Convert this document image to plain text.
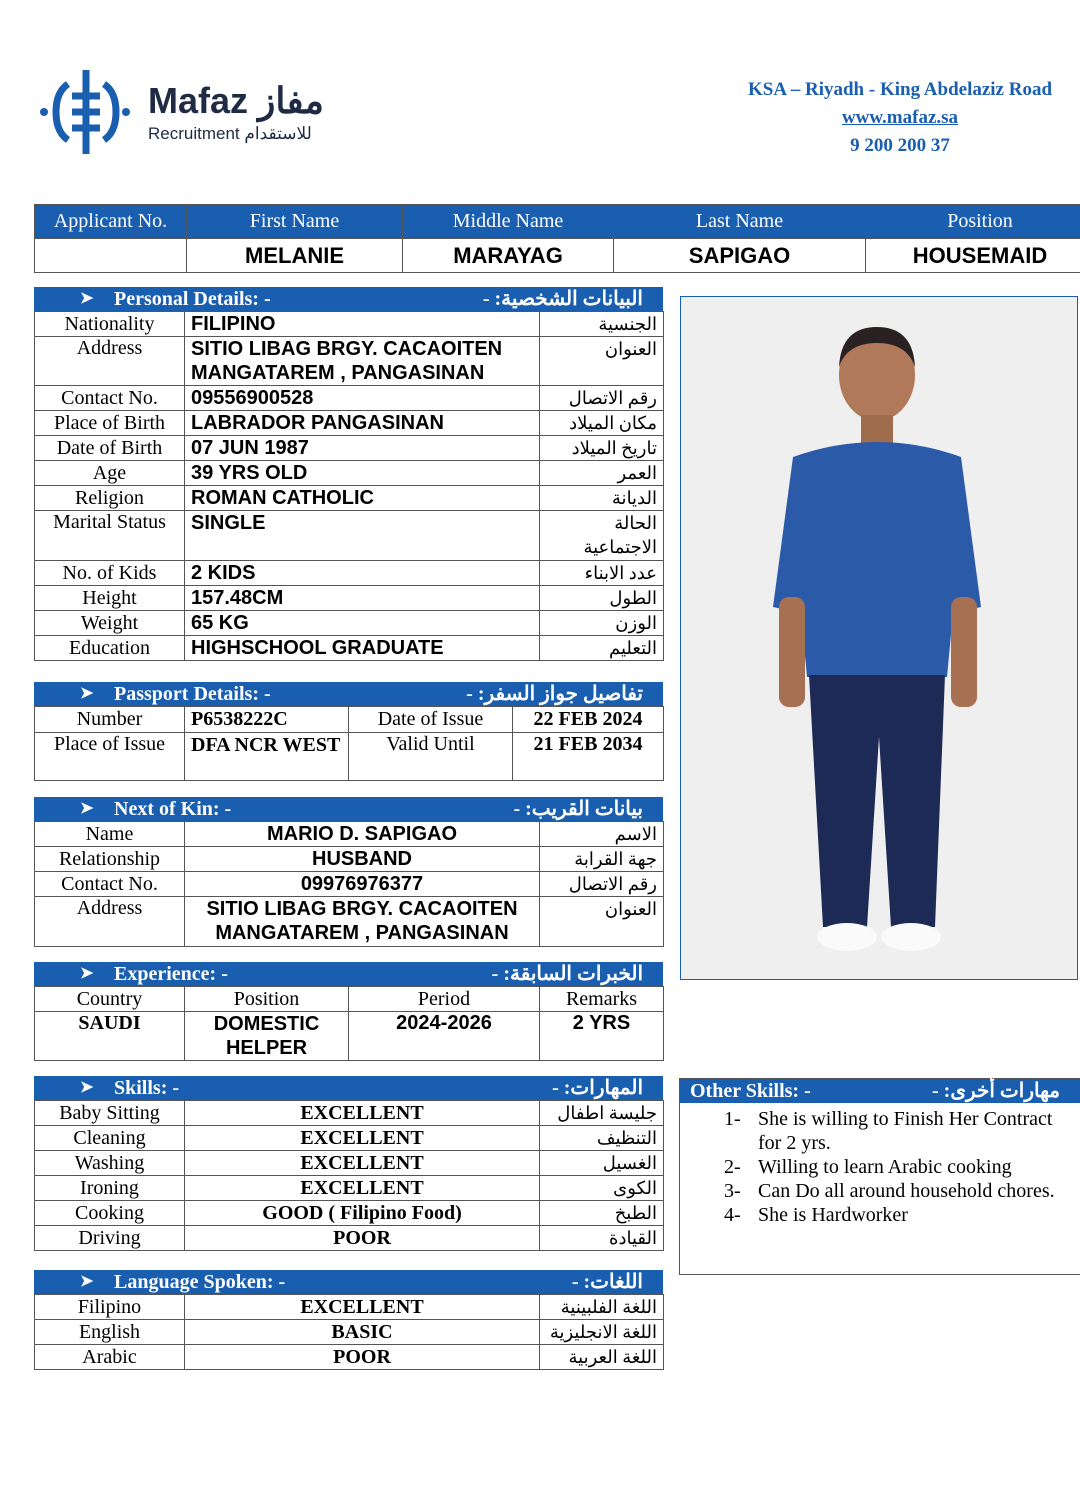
Mafaz مفاز
Recruitment للاستقدام
KSA – Riyadh - King Abdelaziz Road
www.mafaz.sa
9 200 200 37
Applicant No.	First Name	Middle Name	Last Name	Position
	MELANIE	MARAYAG	SAPIGAO	HOUSEMAID
➤ Personal Details: -	البيانات الشخصية: -
Nationality	FILIPINO	الجنسية
Address	SITIO LIBAG BRGY. CACAOITEN MANGATAREM , PANGASINAN	العنوان
Contact No.	09556900528	رقم الاتصال
Place of Birth	LABRADOR PANGASINAN	مكان الميلاد
Date of Birth	07 JUN 1987	تاريخ الميلاد
Age	39 YRS OLD	العمر
Religion	ROMAN CATHOLIC	الديانة
Marital Status	SINGLE	الحالة الاجتماعية
No. of Kids	2 KIDS	عدد الابناء
Height	157.48CM	الطول
Weight	65 KG	الوزن
Education	HIGHSCHOOL GRADUATE	التعليم
➤ Passport Details: -	تفاصيل جواز السفر: -
Number	P6538222C	Date of Issue	22 FEB 2024
Place of Issue	DFA NCR WEST	Valid Until	21 FEB 2034
➤ Next of Kin: -	بيانات القريب: -
Name	MARIO D. SAPIGAO	الاسم
Relationship	HUSBAND	جهة القرابة
Contact No.	09976976377	رقم الاتصال
Address	SITIO LIBAG BRGY. CACAOITEN MANGATAREM , PANGASINAN	العنوان
➤ Experience: -	الخبرات السابقة: -
Country	Position	Period	Remarks
SAUDI	DOMESTIC HELPER	2024-2026	2 YRS
➤ Skills: -	المهارات: -
Baby Sitting	EXCELLENT	جليسة اطفال
Cleaning	EXCELLENT	التنظيف
Washing	EXCELLENT	الغسيل
Ironing	EXCELLENT	الكوى
Cooking	GOOD ( Filipino Food)	الطبخ
Driving	POOR	القيادة
Other Skills: -	مهارات أخرى: -
1- She is willing to Finish Her Contract for 2 yrs.
2- Willing to learn Arabic cooking
3- Can Do all around household chores.
4- She is Hardworker
➤ Language Spoken: -	اللغات: -
Filipino	EXCELLENT	اللغة الفلبينية
English	BASIC	اللغة الانجليزية
Arabic	POOR	اللغة العربية
